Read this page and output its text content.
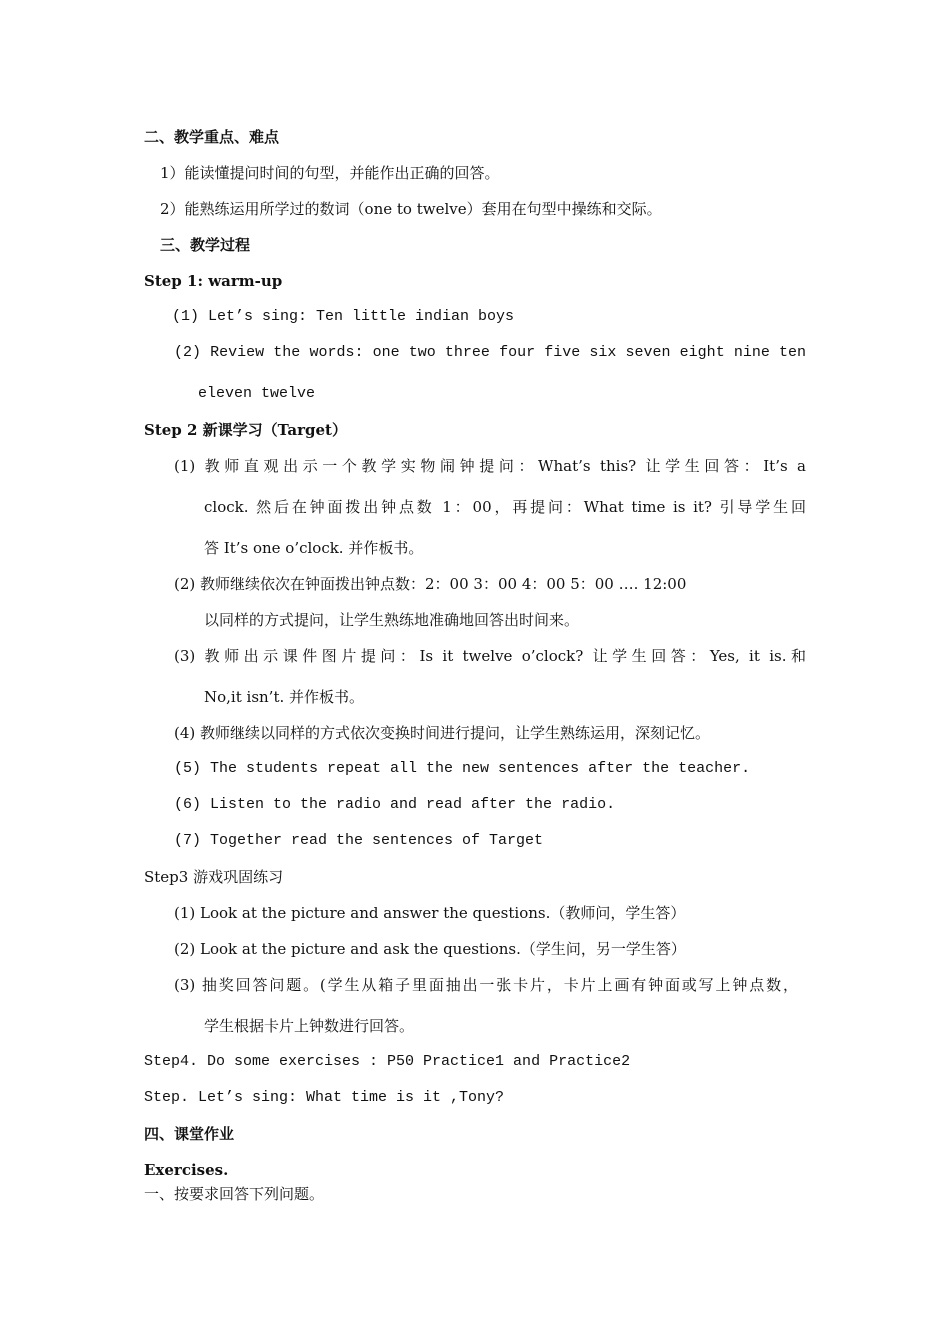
二、教学重点、难点
1）能读懂提问时间的句型，并能作出正确的回答。
2）能熟练运用所学过的数词（one to twelve）套用在句型中操练和交际。
三、教学过程
Step 1: warm-up
(1) Let’s sing: Ten little indian boys
(2) Review the words: one two three four five six seven eight nine ten
eleven twelve
Step 2 新课学习（Target）
(1) 教师直观出示一个教学实物闹钟提问：What’s this? 让学生回答：It’s a
clock. 然后在钟面拨出钟点数 1：00，再提问：What time is it? 引导学生回
答 It’s one o’clock. 并作板书。
(2) 教师继续依次在钟面拨出钟点数：2：00 3：00 4：00 5：00 …. 12:00
以同样的方式提问，让学生熟练地准确地回答出时间来。
(3) 教师出示课件图片提问：Is it twelve o’clock? 让学生回答：Yes, it is.和
No,it isn’t. 并作板书。
(4) 教师继续以同样的方式依次变换时间进行提问，让学生熟练运用，深刻记忆。
(5) The students repeat all the new sentences after the teacher.
(6) Listen to the radio and read after the radio.
(7) Together read the sentences of Target
Step3 游戏巩固练习
(1) Look at the picture and answer the questions.（教师问，学生答）
(2) Look at the picture and ask the questions.（学生问，另一学生答）
(3) 抽奖回答问题。(学生从箱子里面抽出一张卡片，卡片上画有钟面或写上钟点数，
学生根据卡片上钟数进行回答。
Step4. Do some exercises : P50 Practice1 and Practice2
Step. Let’s sing: What time is it ,Tony?
四、课堂作业
Exercises.
一、按要求回答下列问题。
